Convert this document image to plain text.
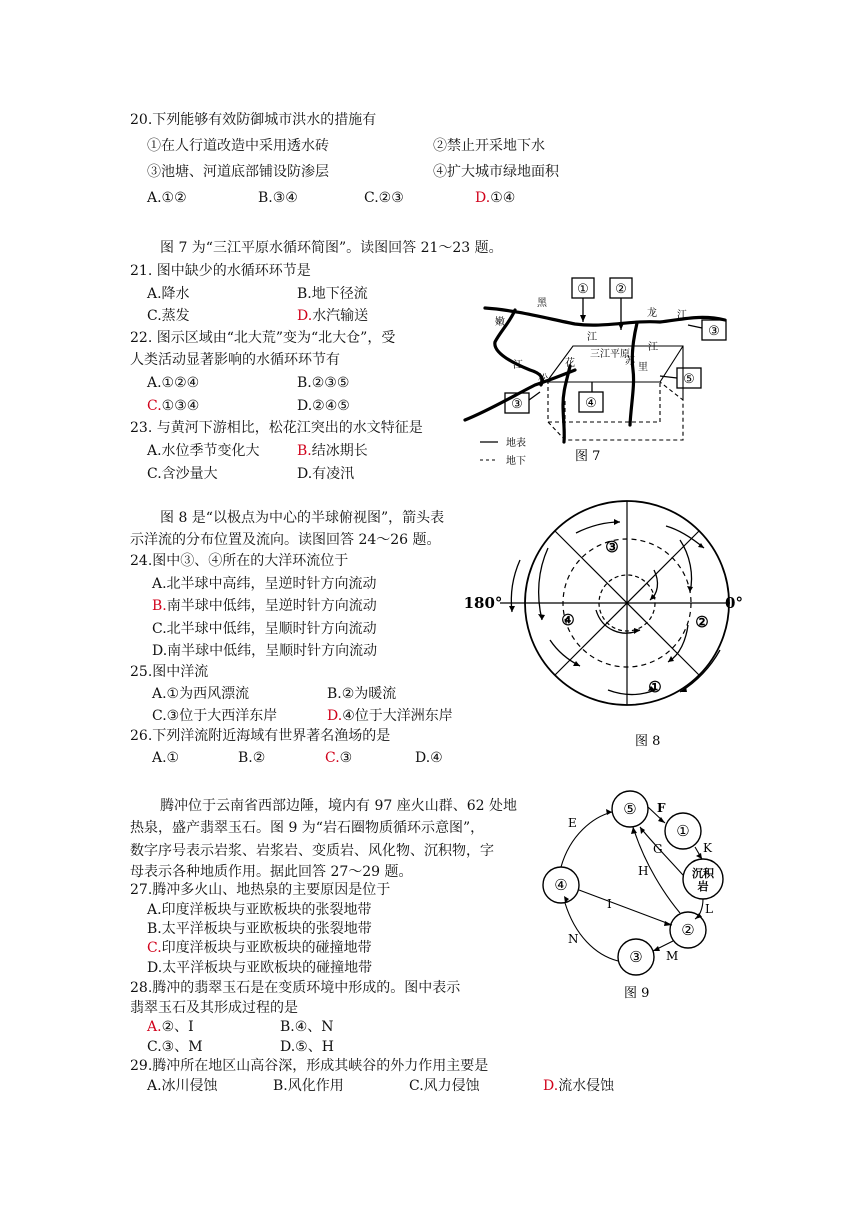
20.下列能够有效防御城市洪水的措施有
①在人行道改造中采用透水砖	②禁止开采地下水
③池塘、河道底部铺设防渗层	④扩大城市绿地面积
A.①②	B.③④	C.②③	D.①④
图 7 为“三江平原水循环简图”。读图回答 21～23 题。
21. 图中缺少的水循环环节是
A.降水	B.地下径流
C.蒸发	D.水汽输送
22. 图示区域由“北大荒”变为“北大仓”，受
人类活动显著影响的水循环环节有
A.①②④	B.②③⑤
C.①③④	D.②④⑤
23. 与黄河下游相比，松花江突出的水文特征是
A.水位季节变化大	B.结冰期长
C.含沙量大	D.有凌汛
① ②
③
③	④
⑤
黑
龙 江
嫩
江
松
花
江
苏
江
里
三江平原
地表
地下	图 7
图 8 是“以极点为中心的半球俯视图”，箭头表
示洋流的分布位置及流向。读图回答 24～26 题。
24.图中③、④所在的大洋环流位于
A.北半球中高纬，呈逆时针方向流动
B.南半球中低纬，呈逆时针方向流动
C.北半球中低纬，呈顺时针方向流动
D.南半球中低纬，呈顺时针方向流动
25.图中洋流
A.①为西风漂流	B.②为暖流
C.③位于大西洋东岸	D.④位于大洋洲东岸
26.下列洋流附近海域有世界著名渔场的是
A.①	B.②	C.③	D.④
③
④	②
①
180°	0°
图 8
腾冲位于云南省西部边陲，境内有 97 座火山群、62 处地
热泉，盛产翡翠玉石。图 9 为“岩石圈物质循环示意图”，
数字序号表示岩浆、岩浆岩、变质岩、风化物、沉积物，字
母表示各种地质作用。据此回答 27～29 题。
27.腾冲多火山、地热泉的主要原因是位于
A.印度洋板块与亚欧板块的张裂地带
B.太平洋板块与亚欧板块的张裂地带
C.印度洋板块与亚欧板块的碰撞地带
D.太平洋板块与亚欧板块的碰撞地带
28.腾冲的翡翠玉石是在变质环境中形成的。图中表示
翡翠玉石及其形成过程的是
A.②、I	B.④、N
C.③、M	D.⑤、H
29.腾冲所在地区山高谷深，形成其峡谷的外力作用主要是
A.冰川侵蚀	B.风化作用	C.风力侵蚀	D.流水侵蚀
⑤
①
④
②
③
沉积
岩
E
F
G
H
I
K
L
M
N
图 9
